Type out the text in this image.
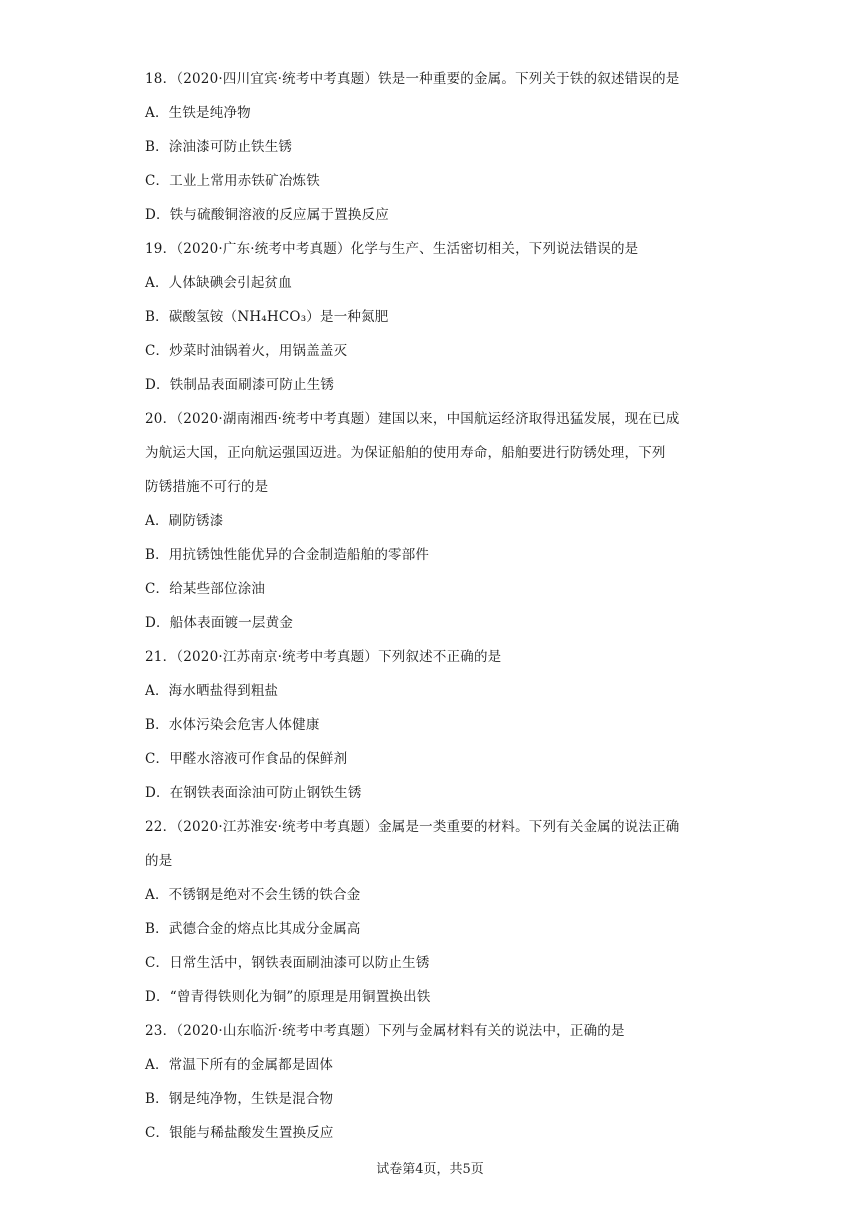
18．（2020·四川宜宾·统考中考真题）铁是一种重要的金属。下列关于铁的叙述错误的是
A．生铁是纯净物
B．涂油漆可防止铁生锈
C．工业上常用赤铁矿冶炼铁
D．铁与硫酸铜溶液的反应属于置换反应
19．（2020·广东·统考中考真题）化学与生产、生活密切相关，下列说法错误的是
A．人体缺碘会引起贫血
B．碳酸氢铵（NH₄HCO₃）是一种氮肥
C．炒菜时油锅着火，用锅盖盖灭
D．铁制品表面刷漆可防止生锈
20．（2020·湖南湘西·统考中考真题）建国以来，中国航运经济取得迅猛发展，现在已成
为航运大国，正向航运强国迈进。为保证船舶的使用寿命，船舶要进行防锈处理，下列
防锈措施不可行的是
A．刷防锈漆
B．用抗锈蚀性能优异的合金制造船舶的零部件
C．给某些部位涂油
D．船体表面镀一层黄金
21．（2020·江苏南京·统考中考真题）下列叙述不正确的是
A．海水晒盐得到粗盐
B．水体污染会危害人体健康
C．甲醛水溶液可作食品的保鲜剂
D．在钢铁表面涂油可防止钢铁生锈
22．（2020·江苏淮安·统考中考真题）金属是一类重要的材料。下列有关金属的说法正确
的是
A．不锈钢是绝对不会生锈的铁合金
B．武德合金的熔点比其成分金属高
C．日常生活中，钢铁表面刷油漆可以防止生锈
D．“曾青得铁则化为铜”的原理是用铜置换出铁
23．（2020·山东临沂·统考中考真题）下列与金属材料有关的说法中，正确的是
A．常温下所有的金属都是固体
B．钢是纯净物，生铁是混合物
C．银能与稀盐酸发生置换反应
试卷第4页，共5页
